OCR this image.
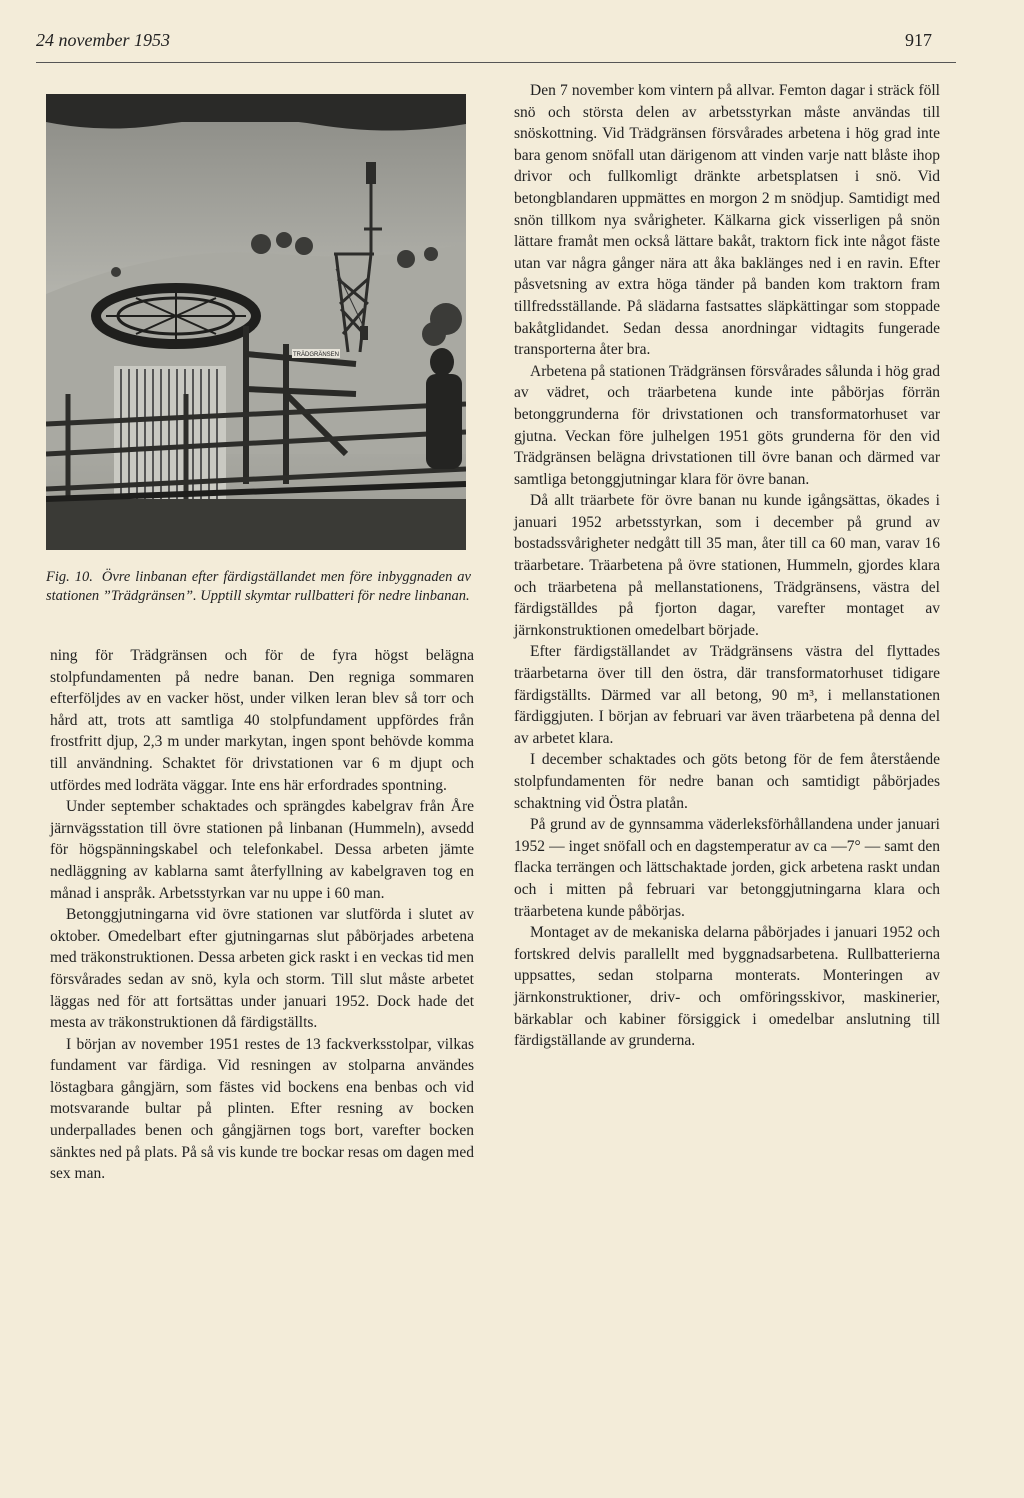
24 november 1953	917
TRÄDGRÄNSEN
Fig. 10. Övre linbanan efter färdigställandet men före inbyggnaden av stationen ”Trädgränsen”. Upptill skymtar rullbatteri för nedre linbanan.

ning för Trädgränsen och för de fyra högst belägna stolpfundamenten på nedre banan. Den regniga sommaren efterföljdes av en vacker höst, under vilken leran blev så torr och hård att, trots att samtliga 40 stolpfundament uppfördes från frostfritt djup, 2,3 m under markytan, ingen spont behövde komma till användning. Schaktet för drivstationen var 6 m djupt och utfördes med lodräta väggar. Inte ens här erfordrades spontning.

Under september schaktades och sprängdes kabelgrav från Åre järnvägsstation till övre stationen på linbanan (Hummeln), avsedd för högspänningskabel och telefonkabel. Dessa arbeten jämte nedläggning av kablarna samt återfyllning av kabelgraven tog en månad i anspråk. Arbetsstyrkan var nu uppe i 60 man.

Betonggjutningarna vid övre stationen var slutförda i slutet av oktober. Omedelbart efter gjutningarnas slut påbörjades arbetena med träkonstruktionen. Dessa arbeten gick raskt i en veckas tid men försvårades sedan av snö, kyla och storm. Till slut måste arbetet läggas ned för att fortsättas under januari 1952. Dock hade det mesta av träkonstruktionen då färdigställts.

I början av november 1951 restes de 13 fackverksstolpar, vilkas fundament var färdiga. Vid resningen av stolparna användes löstagbara gångjärn, som fästes vid bockens ena benbas och vid motsvarande bultar på plinten. Efter resning av bocken underpallades benen och gångjärnen togs bort, varefter bocken sänktes ned på plats. På så vis kunde tre bockar resas om dagen med sex man.

Den 7 november kom vintern på allvar. Femton dagar i sträck föll snö och största delen av arbetsstyrkan måste användas till snöskottning. Vid Trädgränsen försvårades arbetena i hög grad inte bara genom snöfall utan därigenom att vinden varje natt blåste ihop drivor och fullkomligt dränkte arbetsplatsen i snö. Vid betongblandaren uppmättes en morgon 2 m snödjup. Samtidigt med snön tillkom nya svårigheter. Kälkarna gick visserligen på snön lättare framåt men också lättare bakåt, traktorn fick inte något fäste utan var några gånger nära att åka baklänges ned i en ravin. Efter påsvetsning av extra höga tänder på banden kom traktorn fram tillfredsställande. På slädarna fastsattes släpkättingar som stoppade bakåtglidandet. Sedan dessa anordningar vidtagits fungerade transporterna åter bra.

Arbetena på stationen Trädgränsen försvårades sålunda i hög grad av vädret, och träarbetena kunde inte påbörjas förrän betonggrunderna för drivstationen och transformatorhuset var gjutna. Veckan före julhelgen 1951 göts grunderna för den vid Trädgränsen belägna drivstationen till övre banan och därmed var samtliga betonggjutningar klara för övre banan.

Då allt träarbete för övre banan nu kunde igångsättas, ökades i januari 1952 arbetsstyrkan, som i december på grund av bostadssvårigheter nedgått till 35 man, åter till ca 60 man, varav 16 träarbetare. Träarbetena på övre stationen, Hummeln, gjordes klara och träarbetena på mellanstationens, Trädgränsens, västra del färdigställdes på fjorton dagar, varefter montaget av järnkonstruktionen omedelbart började.

Efter färdigställandet av Trädgränsens västra del flyttades träarbetarna över till den östra, där transformatorhuset tidigare färdigställts. Därmed var all betong, 90 m³, i mellanstationen färdiggjuten. I början av februari var även träarbetena på denna del av arbetet klara.

I december schaktades och göts betong för de fem återstående stolpfundamenten för nedre banan och samtidigt påbörjades schaktning vid Östra platån.

På grund av de gynnsamma väderleksförhållandena under januari 1952 — inget snöfall och en dagstemperatur av ca —7° — samt den flacka terrängen och lättschaktade jorden, gick arbetena raskt undan och i mitten på februari var betonggjutningarna klara och träarbetena kunde påbörjas.

Montaget av de mekaniska delarna påbörjades i januari 1952 och fortskred delvis parallellt med byggnadsarbetena. Rullbatterierna uppsattes, sedan stolparna monterats. Monteringen av järnkonstruktioner, driv- och omföringsskivor, maskinerier, bärkablar och kabiner försiggick i omedelbar anslutning till färdigställande av grunderna.
